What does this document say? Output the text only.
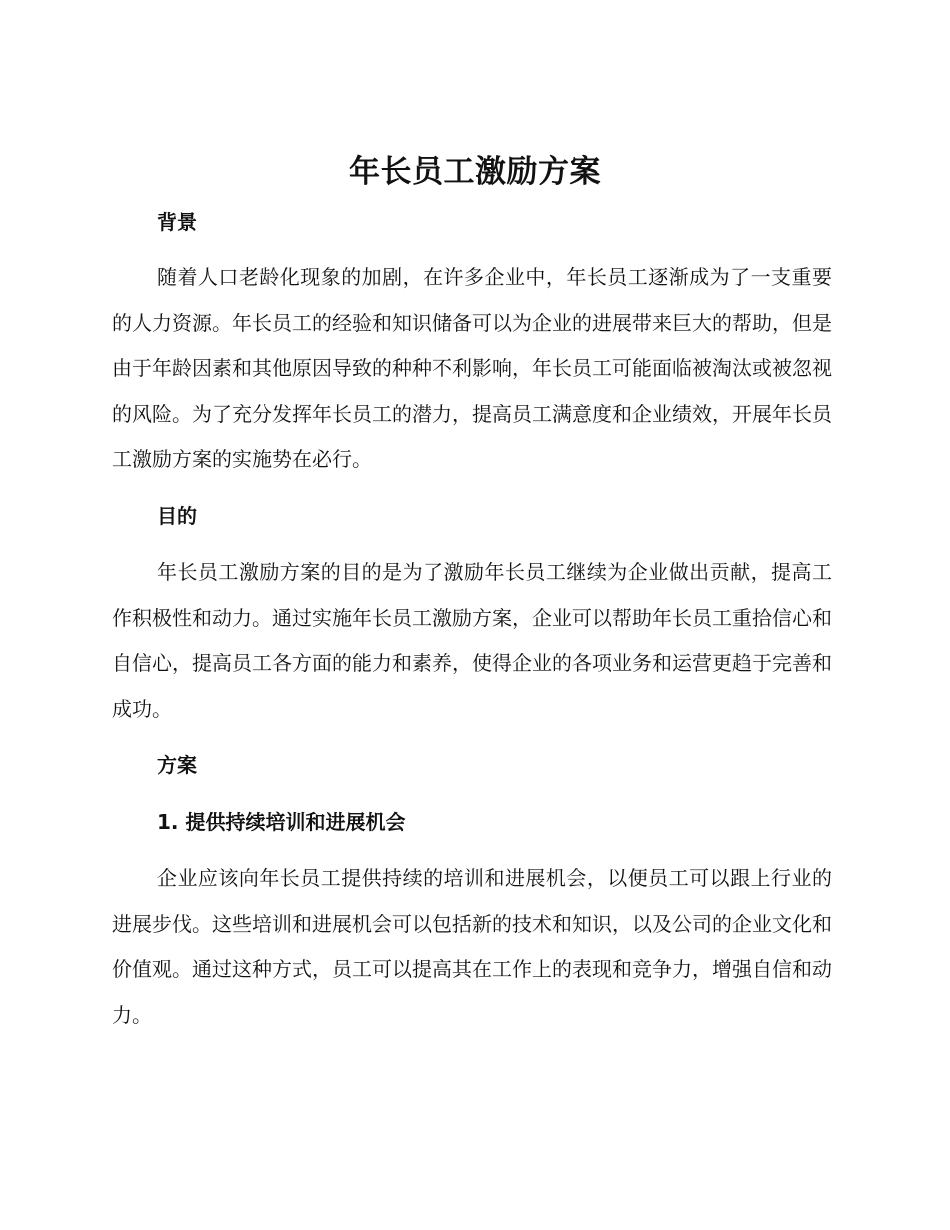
年长员工激励方案
背景

随着人口老龄化现象的加剧，在许多企业中，年长员工逐渐成为了一支重要的人力资源。年长员工的经验和知识储备可以为企业的进展带来巨大的帮助，但是由于年龄因素和其他原因导致的种种不利影响，年长员工可能面临被淘汰或被忽视的风险。为了充分发挥年长员工的潜力，提高员工满意度和企业绩效，开展年长员工激励方案的实施势在必行。

目的

年长员工激励方案的目的是为了激励年长员工继续为企业做出贡献，提高工作积极性和动力。通过实施年长员工激励方案，企业可以帮助年长员工重拾信心和自信心，提高员工各方面的能力和素养，使得企业的各项业务和运营更趋于完善和成功。

方案
1. 提供持续培训和进展机会

企业应该向年长员工提供持续的培训和进展机会，以便员工可以跟上行业的进展步伐。这些培训和进展机会可以包括新的技术和知识，以及公司的企业文化和价值观。通过这种方式，员工可以提高其在工作上的表现和竞争力，增强自信和动力。
